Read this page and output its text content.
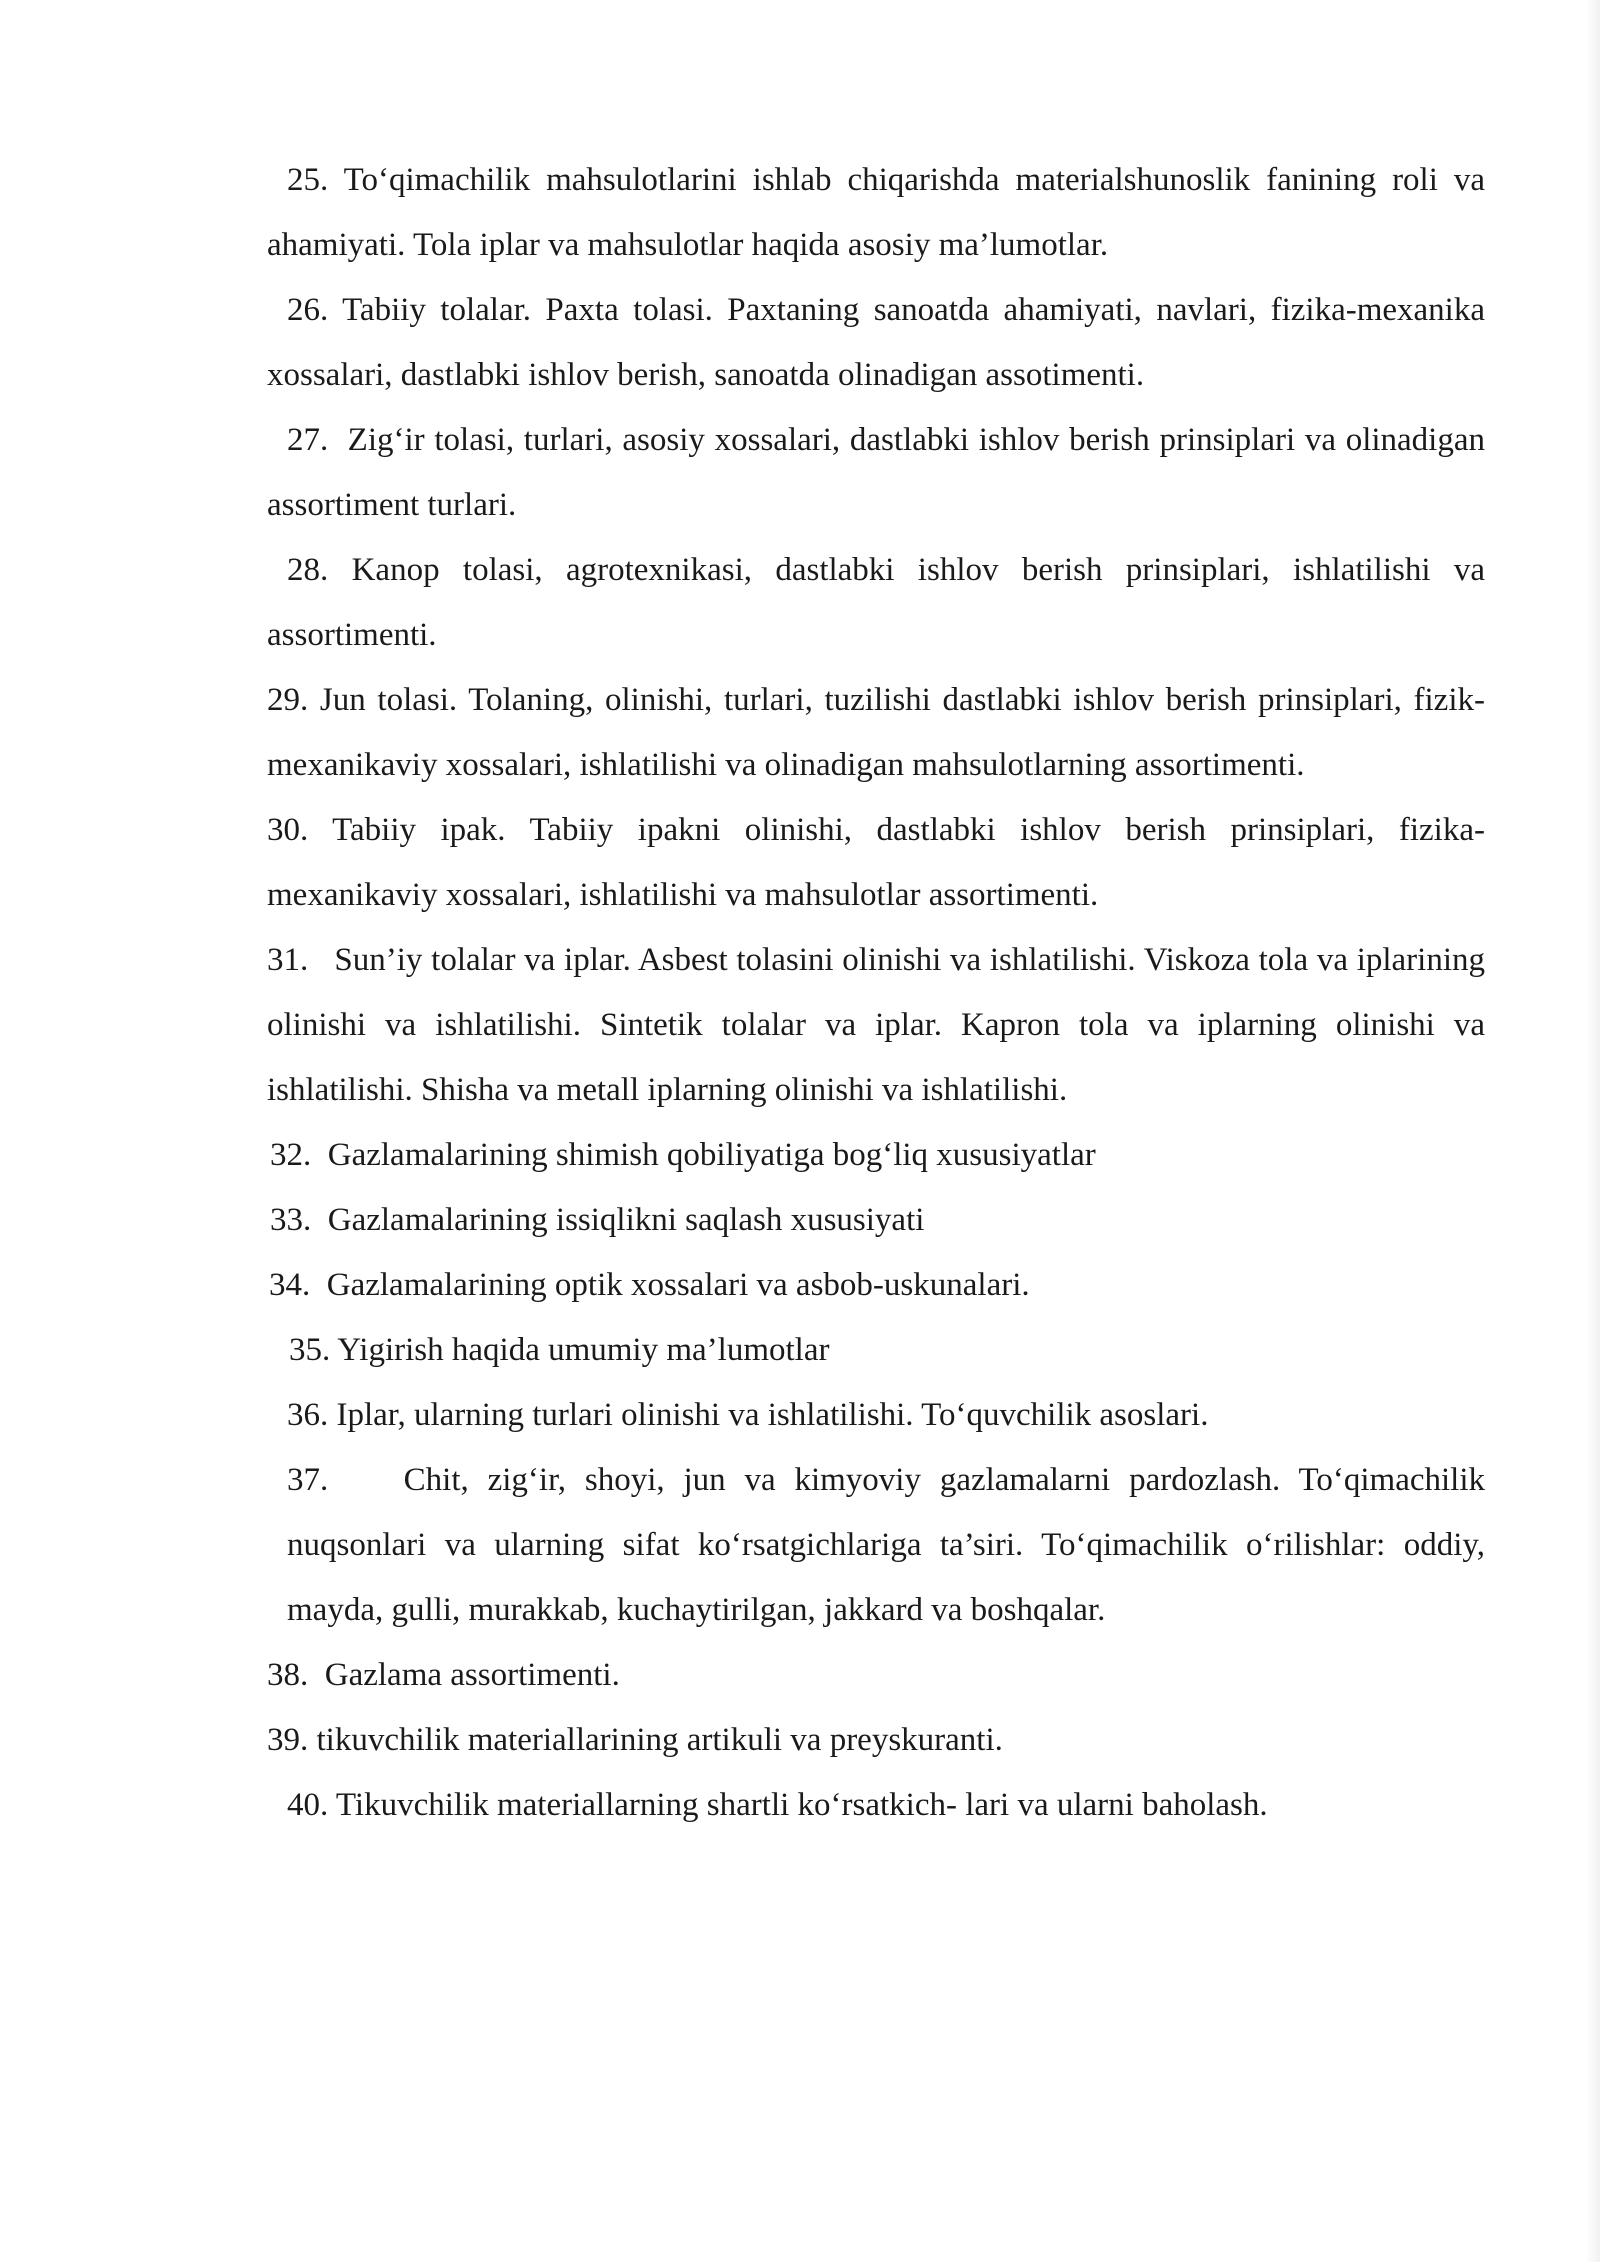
25. To‘qimachilik mahsulotlarini ishlab chiqarishda materialshunoslik fanining roli va ahamiyati. Tola iplar va mahsulotlar haqida asosiy ma’lumotlar.

26. Tabiiy tolalar. Paxta tolasi. Paxtaning sanoatda ahamiyati, navlari, fizika-mexanika xossalari, dastlabki ishlov berish, sanoatda olinadigan assotimenti.

27.  Zig‘ir tolasi, turlari, asosiy xossalari, dastlabki ishlov berish prinsiplari va olinadigan assortiment turlari.

28. Kanop tolasi, agrotexnikasi, dastlabki ishlov berish prinsiplari, ishlatilishi va assortimenti.

29. Jun tolasi. Tolaning, olinishi, turlari, tuzilishi dastlabki ishlov berish prinsiplari, fizik-mexanikaviy xossalari, ishlatilishi va olinadigan mahsulotlarning assortimenti.

30. Tabiiy ipak. Tabiiy ipakni olinishi, dastlabki ishlov berish prinsiplari, fizika-mexanikaviy xossalari, ishlatilishi va mahsulotlar assortimenti.

31.   Sun’iy tolalar va iplar. Asbest tolasini olinishi va ishlatilishi. Viskoza tola va iplarining olinishi va ishlatilishi. Sintetik tolalar va iplar. Kapron tola va iplarning olinishi va ishlatilishi. Shisha va metall iplarning olinishi va ishlatilishi.

32.  Gazlamalarining shimish qobiliyatiga bog‘liq xususiyatlar

33.  Gazlamalarining issiqlikni saqlash xususiyati

34.  Gazlamalarining optik xossalari va asbob-uskunalari.

35. Yigirish haqida umumiy ma’lumotlar

36. Iplar, ularning turlari olinishi va ishlatilishi. To‘quvchilik asoslari.

37.    Chit, zig‘ir, shoyi, jun va kimyoviy gazlamalarni pardozlash. To‘qimachilik nuqsonlari va ularning sifat ko‘rsatgichlariga ta’siri. To‘qimachilik o‘rilishlar: oddiy, mayda, gulli, murakkab, kuchaytirilgan, jakkard va boshqalar.

38.  Gazlama assortimenti.

39. tikuvchilik materiallarining artikuli va preyskuranti.

40. Tikuvchilik materiallarning shartli ko‘rsatkich- lari va ularni baholash.
